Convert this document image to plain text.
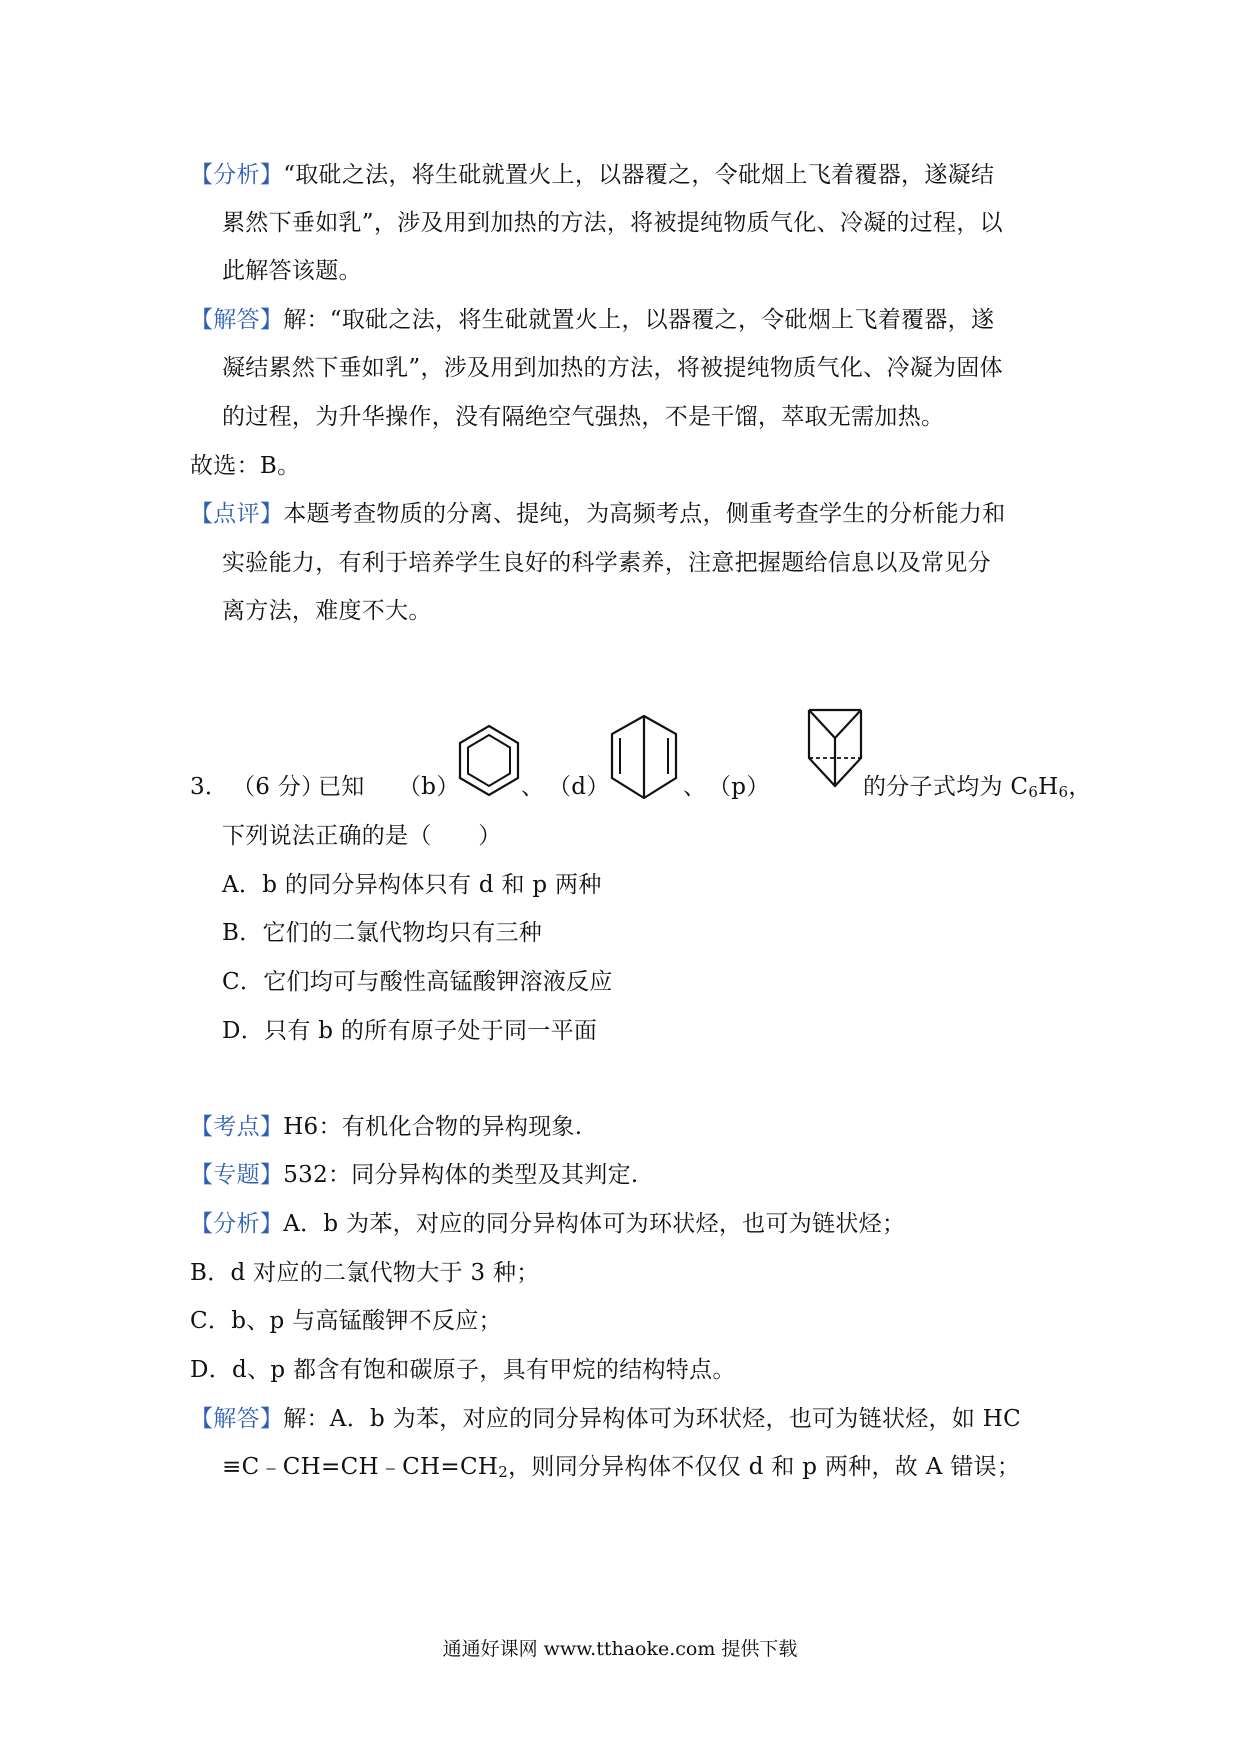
【分析】“取砒之法，将生砒就置火上，以器覆之，令砒烟上飞着覆器，遂凝结
累然下垂如乳”，涉及用到加热的方法，将被提纯物质气化、冷凝的过程，以
此解答该题。
【解答】解：“取砒之法，将生砒就置火上，以器覆之，令砒烟上飞着覆器，遂
凝结累然下垂如乳”，涉及用到加热的方法，将被提纯物质气化、冷凝为固体
的过程，为升华操作，没有隔绝空气强热，不是干馏，萃取无需加热。
故选：B。
【点评】本题考查物质的分离、提纯，为高频考点，侧重考查学生的分析能力和
实验能力，有利于培养学生良好的科学素养，注意把握题给信息以及常见分
离方法，难度不大。
3． （6 分）
已知 （b）	、 （d）	、 （p）	的分子式均为 $C_6H_6$，
下列说法正确的是（　　）
A．b 的同分异构体只有 d 和 p 两种
B．它们的二氯代物均只有三种
C．它们均可与酸性高锰酸钾溶液反应
D．只有 b 的所有原子处于同一平面
【考点】H6：有机化合物的异构现象.
【专题】532：同分异构体的类型及其判定.
【分析】A．b 为苯，对应的同分异构体可为环状烃，也可为链状烃；
B．d 对应的二氯代物大于 3 种；
C．b、p 与高锰酸钾不反应；
D．d、p 都含有饱和碳原子，具有甲烷的结构特点。
【解答】解：A．b 为苯，对应的同分异构体可为环状烃，也可为链状烃，如 HC
$\equiv C﹣CH=CH﹣CH=CH_2$，则同分异构体不仅仅 d 和 p 两种，故 A 错误；
通通好课网 www.tthaoke.com 提供下载
